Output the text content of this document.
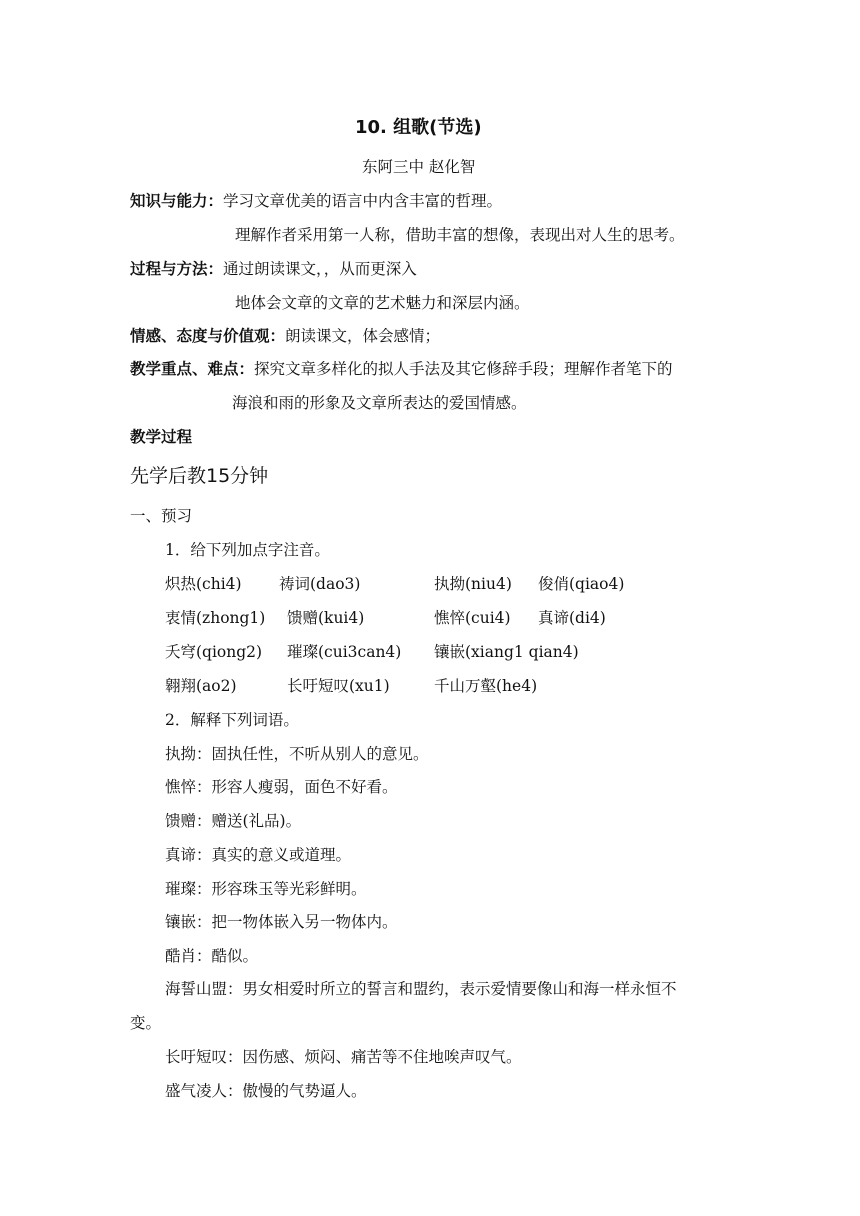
10. 组歌(节选)
东阿三中 赵化智
知识与能力：学习文章优美的语言中内含丰富的哲理。
理解作者采用第一人称，借助丰富的想像，表现出对人生的思考。
过程与方法：通过朗读课文，，从而更深入
地体会文章的文章的艺术魅力和深层内涵。
情感、态度与价值观：朗读课文，体会感情；
教学重点、难点：探究文章多样化的拟人手法及其它修辞手段；理解作者笔下的
海浪和雨的形象及文章所表达的爱国情感。
教学过程
先学后教15分钟
一、预习
1．给下列加点字注音。
炽热(chi4) 祷词(dao3)	执拗(niu4) 俊俏(qiao4)
衷情(zhong1) 馈赠(kui4)	憔悴(cui4) 真谛(di4)
夭穹(qiong2) 璀璨(cui3can4) 镶嵌(xiang1 qian4)
翱翔(ao2)	长吁短叹(xu1)	千山万壑(he4)
2．解释下列词语。
执拗：固执任性，不听从别人的意见。
憔悴：形容人瘦弱，面色不好看。
馈赠：赠送(礼品)。
真谛：真实的意义或道理。
璀璨：形容珠玉等光彩鲜明。
镶嵌：把一物体嵌入另一物体内。
酷肖：酷似。
海誓山盟：男女相爱时所立的誓言和盟约，表示爱情要像山和海一样永恒不
变。
长吁短叹：因伤感、烦闷、痛苦等不住地唉声叹气。
盛气凌人：傲慢的气势逼人。
